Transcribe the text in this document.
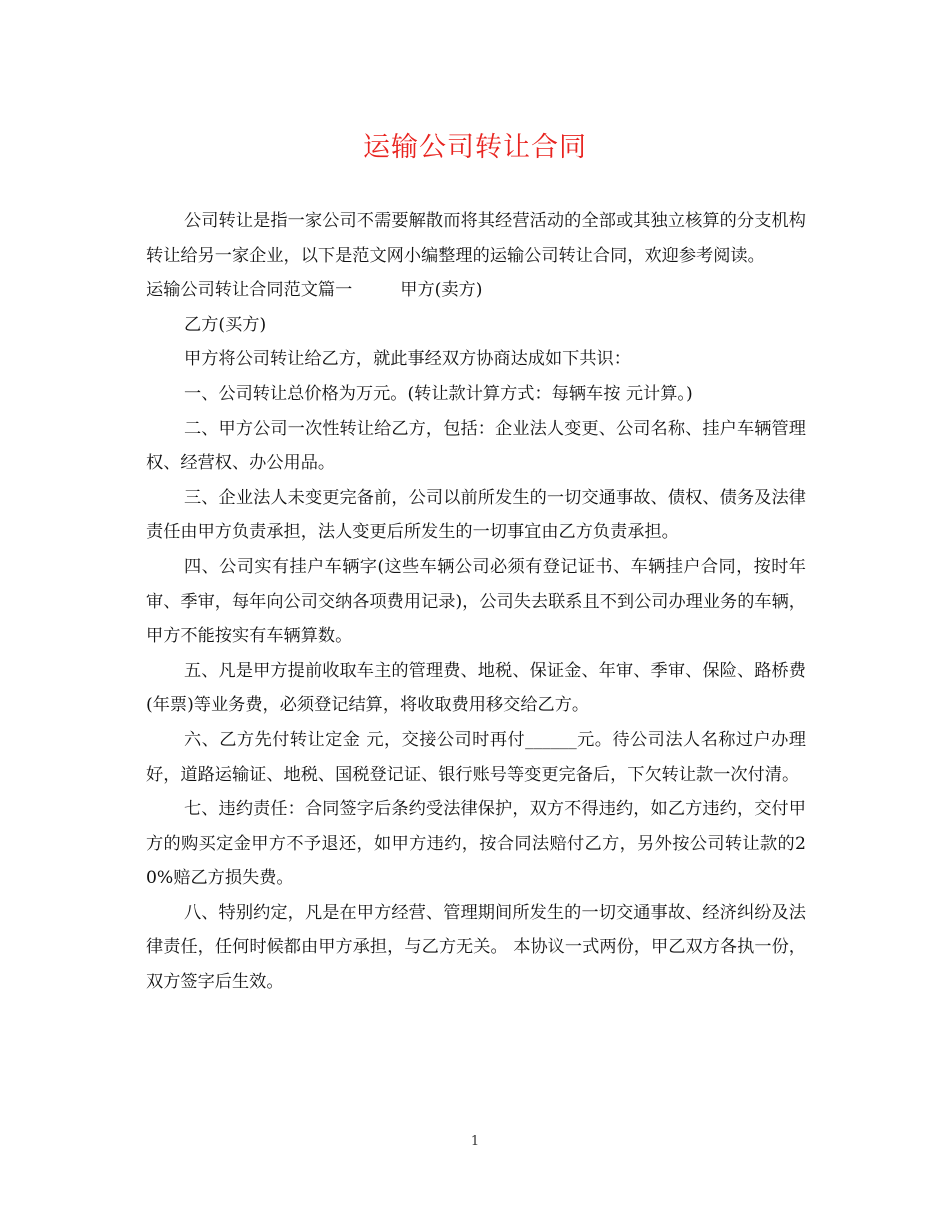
运输公司转让合同

公司转让是指一家公司不需要解散而将其经营活动的全部或其独立核算的分支机构转让给另一家企业，以下是范文网小编整理的运输公司转让合同，欢迎参考阅读。

运输公司转让合同范文篇一	甲方(卖方)

乙方(买方)

甲方将公司转让给乙方，就此事经双方协商达成如下共识：

一、公司转让总价格为万元。(转让款计算方式：每辆车按 元计算。)

二、甲方公司一次性转让给乙方，包括：企业法人变更、公司名称、挂户车辆管理权、经营权、办公用品。

三、企业法人未变更完备前，公司以前所发生的一切交通事故、债权、债务及法律责任由甲方负责承担，法人变更后所发生的一切事宜由乙方负责承担。

四、公司实有挂户车辆字(这些车辆公司必须有登记证书、车辆挂户合同，按时年审、季审，每年向公司交纳各项费用记录)，公司失去联系且不到公司办理业务的车辆，甲方不能按实有车辆算数。

五、凡是甲方提前收取车主的管理费、地税、保证金、年审、季审、保险、路桥费(年票)等业务费，必须登记结算，将收取费用移交给乙方。

六、乙方先付转让定金 元，交接公司时再付______元。待公司法人名称过户办理好，道路运输证、地税、国税登记证、银行账号等变更完备后，下欠转让款一次付清。

七、违约责任：合同签字后条约受法律保护，双方不得违约，如乙方违约，交付甲方的购买定金甲方不予退还，如甲方违约，按合同法赔付乙方，另外按公司转让款的20%赔乙方损失费。

八、特别约定，凡是在甲方经营、管理期间所发生的一切交通事故、经济纠纷及法律责任，任何时候都由甲方承担，与乙方无关。 本协议一式两份，甲乙双方各执一份，双方签字后生效。

1
